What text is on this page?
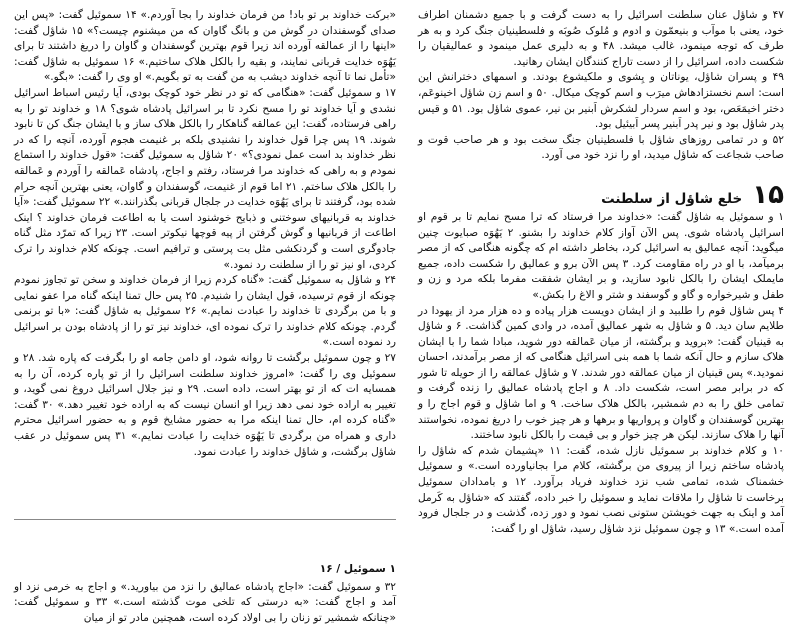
۴۷ و شاؤل عنان سلطنت اسرائیل را به دست گرفت و با جمیع دشمنان اطراف خود، یعنی با موآب و بنیعمّون و ادوم و مُلوک صُوبَه و فلسطینیان جنگ کرد و به هر طرف که توجه مینمود، غالب میشد. ۴۸ و به دلیری عمل مینمود و عمالیقیان را شکست داده، اسرائیل را از دست تاراج کنندگان ایشان رهانید.

۴۹ و پسران شاؤل، یوناتان و یِشوی و ملکیشوع بودند. و اسمهای دخترانش این است: اسم نخستزادهاش میرَب و اسم کوچک میکال. ۵۰ و اسم زن شاؤل اخینوعَم، دختر اخیمَعَص، بود و اسم سردار لشکرش اَبنیر بن نیر، عموی شاؤل بود. ۵۱ و قیس پدر شاؤل بود و نیر پدر اَبنیر پسر اَبیئیل بود.

۵۲ و در تمامی روزهای شاؤل با فلسطینیان جنگ سخت بود و هر صاحب قوت و صاحب شجاعت که شاؤل میدید، او را نزد خود می آورد.

۱۵
خلع شاؤل از سلطنت

۱ و سموئیل به شاؤل گفت: «خداوند مرا فرستاد که ترا مسح نمایم تا بر قوم او اسرائیل پادشاه شوی. پس الآن آواز کلام خداوند را بشنو. ۲ یَهُوَه صبایوت چنین میگوید: آنچه عمالیق به اسرائیل کرد، بخاطر داشته ام که چگونه هنگامی که از مصر برمیآمد، با او در راه مقاومت کرد. ۳ پس الآن برو و عمالیق را شکست داده، جمیع مایملک ایشان را بالکل نابود سازید، و بر ایشان شفقت مفرما بلکه مرد و زن و طفل و شیرخواره و گاو و گوسفند و شتر و الاغ را بکش.»

۴ پس شاؤل قوم را طلبید و از ایشان دویست هزار پیاده و ده هزار مرد از یهودا در طلایم سان دید. ۵ و شاؤل به شهر عمالیق آمده، در وادی کمین گذاشت. ۶ و شاؤل به قینیان گفت: «بروید و برگشته، از میان عَمالقه دور شوید، مبادا شما را با ایشان هلاک سازم و حال آنکه شما با همه بنی اسرائیل هنگامی که از مصر برآمدند، احسان نمودید.» پس قینیان از میان عمالقه دور شدند. ۷ و شاؤل عمالقه را از حویله تا شور که در برابر مصر است، شکست داد. ۸ و اجاج پادشاه عمالیق را زنده گرفت و تمامی خلق را به دم شمشیر، بالکل هلاک ساخت. ۹ و اما شاؤل و قوم اجاج را و بهترین گوسفندان و گاوان و پرواریها و برهها و هر چیز خوب را دریغ نموده، نخواستند آنها را هلاک سازند. لیکن هر چیز خوار و بی قیمت را بالکل نابود ساختند.

۱۰ و کلام خداوند بر سموئیل نازل شده، گفت: ۱۱ «پشیمان شدم که شاؤل را پادشاه ساختم زیرا از پیروی من برگشته، کلام مرا بجانیاورده است.» و سموئیل خشمناک شده، تمامی شب نزد خداوند فریاد برآورد. ۱۲ و بامدادان سموئیل برخاست تا شاؤل را ملاقات نماید و سموئیل را خبر داده، گفتند که «شاؤل به کَرمل آمد و اینک به جهت خویشتن ستونی نصب نمود و دور زده، گذشت و در جلجال فرود آمده است.» ۱۳ و چون سموئیل نزد شاؤل رسید، شاؤل او را گفت:

«برکت خداوند بر تو باد! من فرمان خداوند را بجا آوردم.» ۱۴ سموئیل گفت: «پس این صدای گوسفندان در گوش من و بانگ گاوان که من میشنوم چیست؟» ۱۵ شاؤل گفت: «اینها را از عمالقه آورده اند زیرا قوم بهترین گوسفندان و گاوان را دریغ داشتند تا برای یَهُوَه خدایت قربانی نمایند، و بقیه را بالکل هلاک ساختیم.» ۱۶ سموئیل به شاؤل گفت: «تأمل نما تا آنچه خداوند دیشب به من گفت به تو بگویم.» او وی را گفت: «بگو.»

۱۷ و سموئیل گفت: «هنگامی که تو در نظر خود کوچک بودی، آیا رئیس اسباط اسرائیل نشدی و آیا خداوند تو را مسح نکرد تا بر اسرائیل پادشاه شوی؟ ۱۸ و خداوند تو را به راهی فرستاده، گفت: این عمالقه گناهکار را بالکل هلاک ساز و با ایشان جنگ کن تا نابود شوند. ۱۹ پس چرا قول خداوند را نشنیدی بلکه بر غنیمت هجوم آورده، آنچه را که در نظر خداوند بد است عمل نمودی؟» ۲۰ شاؤل به سموئیل گفت: «قول خداوند را استماع نمودم و به راهی که خداوند مرا فرستاد، رفتم و اجاج، پادشاه عَمالقه را آوردم و عَمالقه را بالکل هلاک ساختم. ۲۱ اما قوم از غنیمت، گوسفندان و گاوان، یعنی بهترین آنچه حرام شده بود، گرفتند تا برای یَهُوَه خدایت در جلجال قربانی بگذرانند.» ۲۲ سموئیل گفت: «آیا خداوند به قربانیهای سوختنی و ذبایح خوشنود است یا به اطاعت فرمان خداوند ؟ اینک اطاعت از قربانیها و گوش گرفتن از پیه قوچها نیکوتر است. ۲۳ زیرا که تمرّد مثل گناه جادوگری است و گردنکشی مثل بت پرستی و ترافیم است. چونکه کلام خداوند را ترک کردی، او نیز تو را از سلطنت رد نمود.»

۲۴ و شاؤل به سموئیل گفت: «گناه کردم زیرا از فرمان خداوند و سخن تو تجاوز نمودم چونکه از قوم ترسیده، قول ایشان را شنیدم. ۲۵ پس حال تمنا اینکه گناه مرا عفو نمایی و با من برگردی تا خداوند را عبادت نمایم.» ۲۶ سموئیل به شاؤل گفت: «با تو برنمی گردم. چونکه کلام خداوند را ترک نموده ای، خداوند نیز تو را از پادشاه بودن بر اسرائیل رد نموده است.»

۲۷ و چون سموئیل برگشت تا روانه شود، او دامن جامه او را بگرفت که پاره شد. ۲۸ و سموئیل وی را گفت: «امروز خداوند سلطنت اسرائیل را از تو پاره کرده، آن را به همسایه ات که از تو بهتر است، داده است. ۲۹ و نیز جلال اسرائیل دروغ نمی گوید، و تغییر به اراده خود نمی دهد زیرا او انسان نیست که به اراده خود تغییر دهد.» ۳۰ گفت: «گناه کرده ام، حال تمنا اینکه مرا به حضور مشایخ قوم و به حضور اسرائیل محترم داری و همراه من برگردی تا یَهُوَه خدایت را عبادت نمایم.» ۳۱ پس سموئیل در عقب شاؤل برگشت، و شاؤل خداوند را عبادت نمود.

۱ سموئیل / ۱۶

۳۲ و سموئیل گفت: «اجاج پادشاه عمالیق را نزد من بیاورید.» و اجاج به خرمی نزد او آمد و اجاج گفت: «به درستی که تلخی موت گذشته است.» ۳۳ و سموئیل گفت: «چنانکه شمشیر تو زنان را بی اولاد کرده است، همچنین مادر تو از میان
